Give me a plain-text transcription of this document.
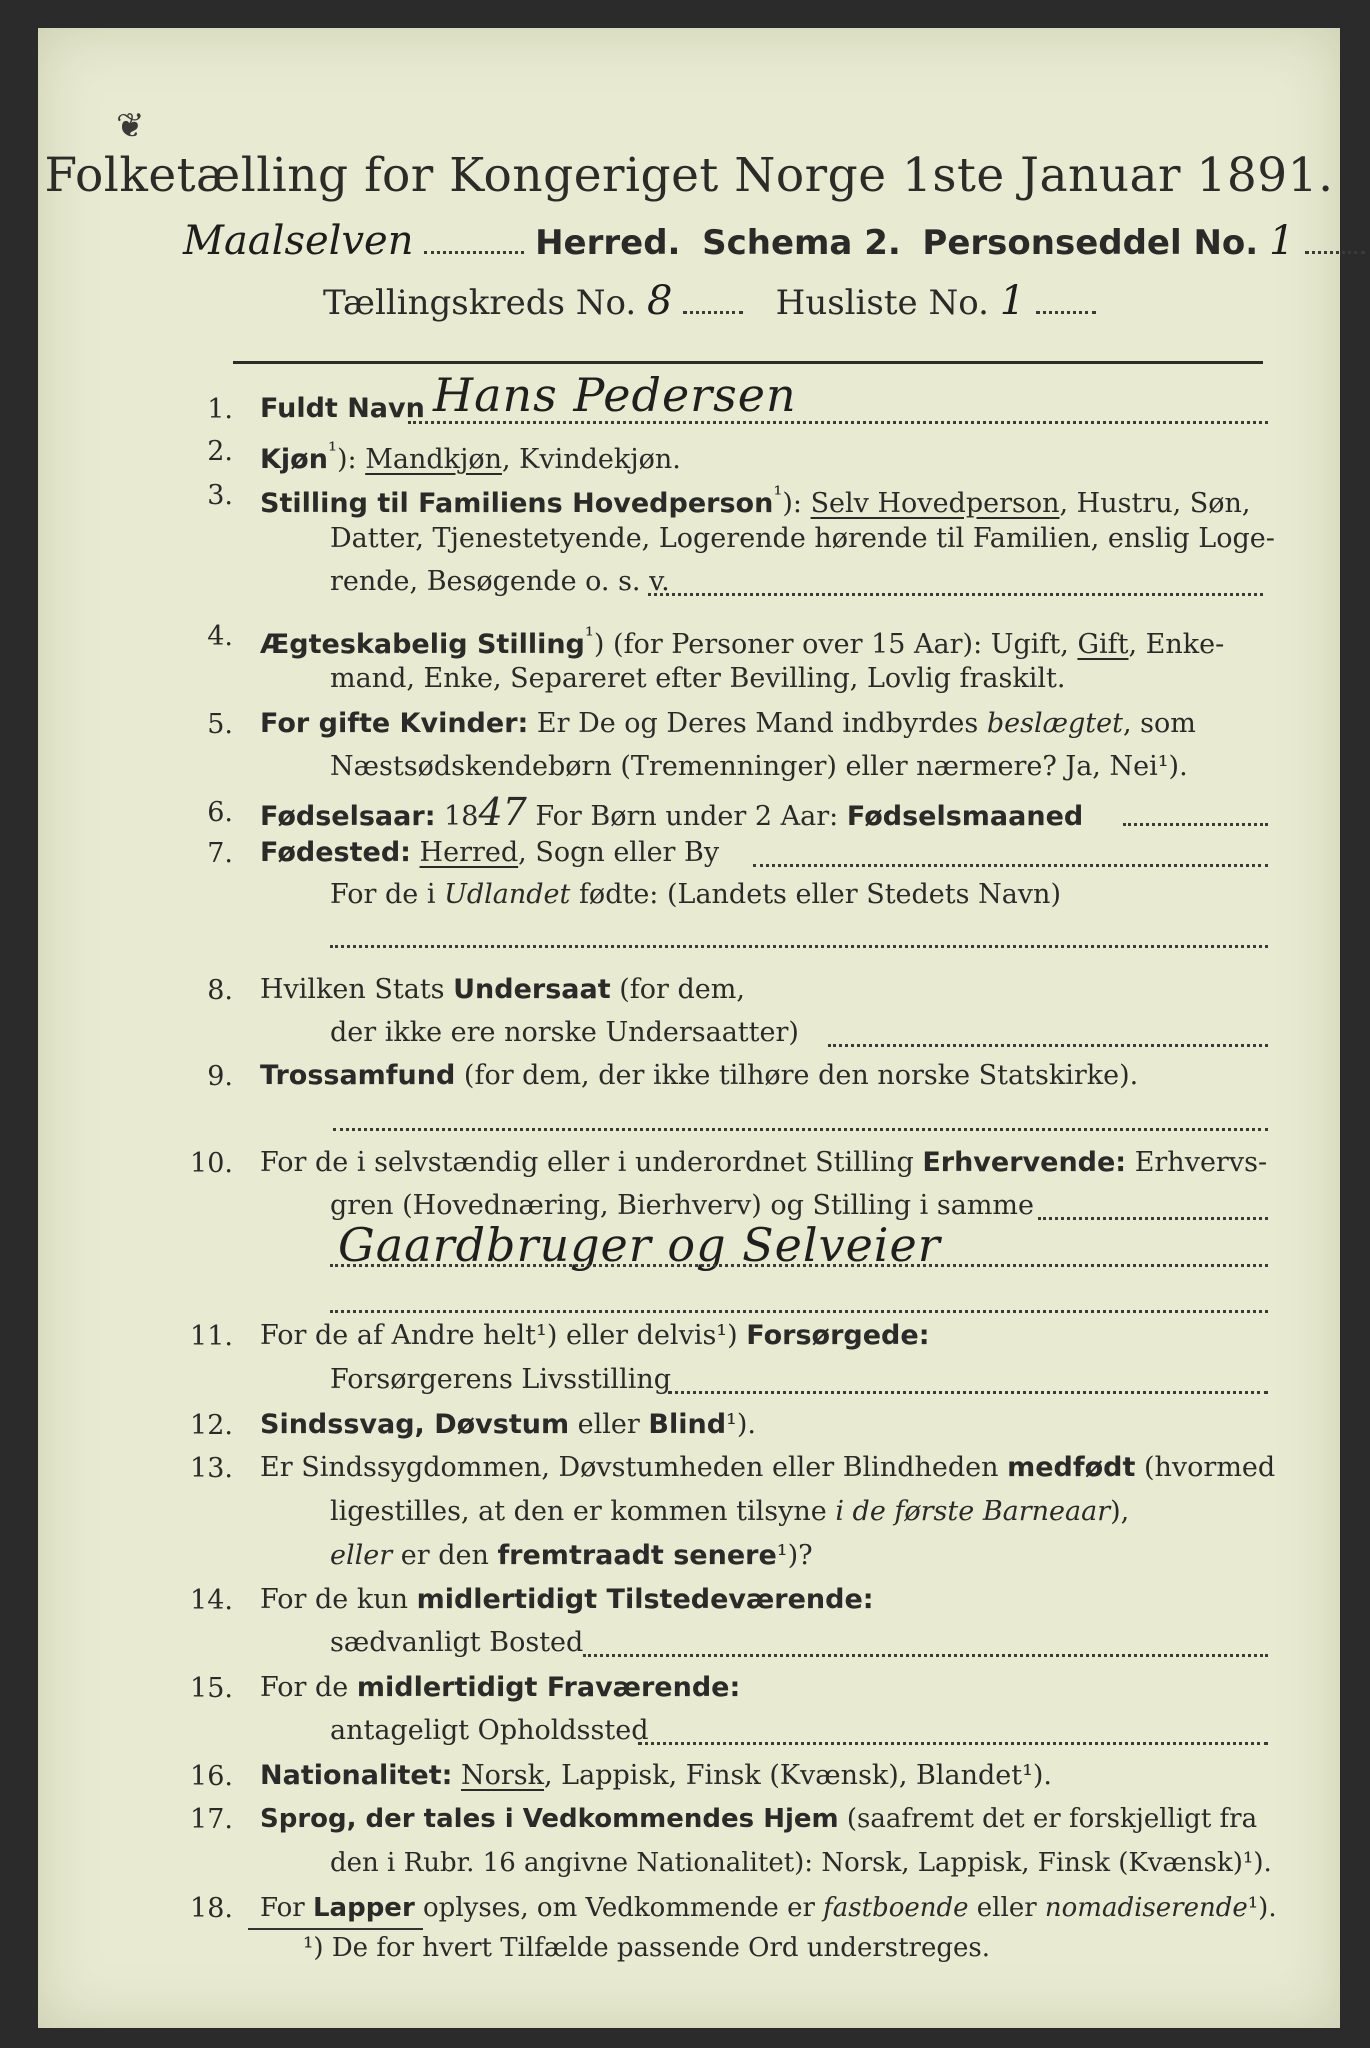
❦
Folketælling for Kongeriget Norge 1ste Januar 1891.
Maalselven	Herred. Schema 2. Personseddel No. 1
Tællingskreds No. 8	Husliste No. 1
1. Fuldt Navn Hans Pedersen
2. Kjøn$^{^1}$): Mandkjøn, Kvindekjøn.
3. Stilling til Familiens Hovedperson$^{^1}$): Selv Hovedperson, Hustru, Søn,
Datter, Tjenestetyende, Logerende hørende til Familien, enslig Loge-
rende, Besøgende o. s. v.
4. Ægteskabelig Stilling$^{^1}$) (for Personer over 15 Aar): Ugift, Gift, Enke-
mand, Enke, Separeret efter Bevilling, Lovlig fraskilt.
5. For gifte Kvinder: Er De og Deres Mand indbyrdes beslægtet, som
Næstsødskendebørn (Tremenninger) eller nærmere? Ja, Nei¹).
6. Fødselsaar: 1847 For Børn under 2 Aar: Fødselsmaaned
7. Fødested: Herred, Sogn eller By
For de i Udlandet fødte: (Landets eller Stedets Navn)
8. Hvilken Stats Undersaat (for dem,
der ikke ere norske Undersaatter)
9. Trossamfund (for dem, der ikke tilhøre den norske Statskirke).
10. For de i selvstændig eller i underordnet Stilling Erhvervende: Erhvervs-
gren (Hovednæring, Bierhverv) og Stilling i samme
Gaardbruger og Selveier
11. For de af Andre helt¹) eller delvis¹) Forsørgede:
Forsørgerens Livsstilling
12. Sindssvag, Døvstum eller Blind¹).
13. Er Sindssygdommen, Døvstumheden eller Blindheden medfødt (hvormed
ligestilles, at den er kommen tilsyne i de første Barneaar),
eller er den fremtraadt senere¹)?
14. For de kun midlertidigt Tilstedeværende:
sædvanligt Bosted
15. For de midlertidigt Fraværende:
antageligt Opholdssted
16. Nationalitet: Norsk, Lappisk, Finsk (Kvænsk), Blandet¹).
17. Sprog, der tales i Vedkommendes Hjem (saafremt det er forskjelligt fra
den i Rubr. 16 angivne Nationalitet): Norsk, Lappisk, Finsk (Kvænsk)¹).
18. For Lapper oplyses, om Vedkommende er fastboende eller nomadiserende¹).
¹) De for hvert Tilfælde passende Ord understreges.
